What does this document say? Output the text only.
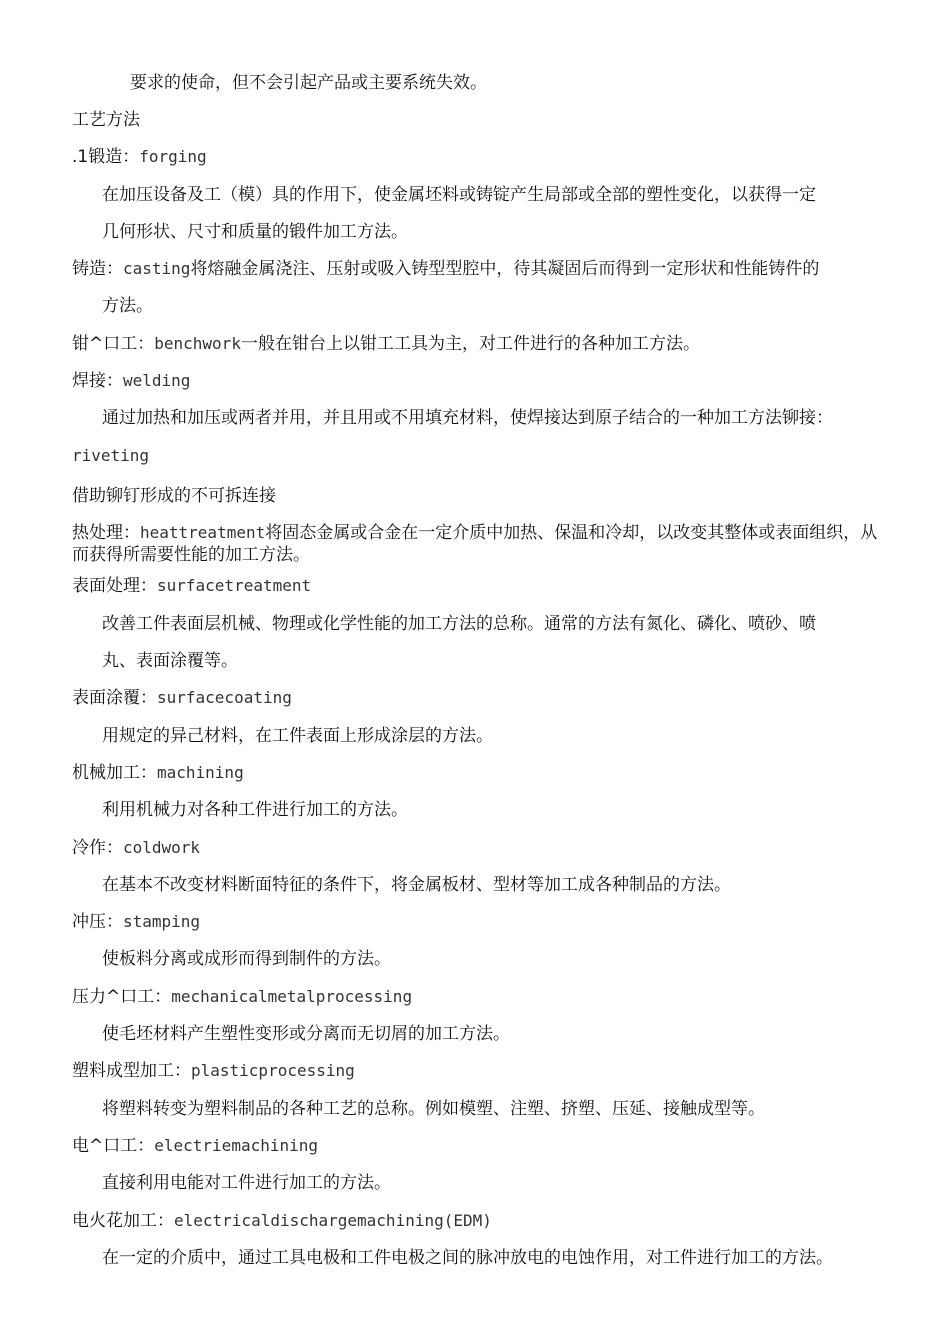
要求的使命，但不会引起产品或主要系统失效。

工艺方法

.1锻造：forging

在加压设备及工（模）具的作用下，使金属坯料或铸锭产生局部或全部的塑性变化，以获得一定

几何形状、尺寸和质量的锻件加工方法。

铸造：casting将熔融金属浇注、压射或吸入铸型型腔中，待其凝固后而得到一定形状和性能铸件的

方法。

钳^口工：benchwork一般在钳台上以钳工工具为主，对工件进行的各种加工方法。

焊接：welding

通过加热和加压或两者并用，并且用或不用填充材料，使焊接达到原子结合的一种加工方法铆接：

riveting

借助铆钉形成的不可拆连接

热处理：heattreatment将固态金属或合金在一定介质中加热、保温和冷却，以改变其整体或表面组织，从而获得所需要性能的加工方法。

表面处理：surfacetreatment

改善工件表面层机械、物理或化学性能的加工方法的总称。通常的方法有氮化、磷化、喷砂、喷

丸、表面涂覆等。

表面涂覆：surfacecoating

用规定的异己材料，在工件表面上形成涂层的方法。

机械加工：machining

利用机械力对各种工件进行加工的方法。

冷作：coldwork

在基本不改变材料断面特征的条件下，将金属板材、型材等加工成各种制品的方法。

冲压：stamping

使板料分离或成形而得到制件的方法。

压力^口工：mechanicalmetalprocessing

使毛坯材料产生塑性变形或分离而无切屑的加工方法。

塑料成型加工：plasticprocessing

将塑料转变为塑料制品的各种工艺的总称。例如模塑、注塑、挤塑、压延、接触成型等。

电^口工：electriemachining

直接利用电能对工件进行加工的方法。

电火花加工：electricaldischargemachining(EDM)

在一定的介质中，通过工具电极和工件电极之间的脉冲放电的电蚀作用，对工件进行加工的方法。
